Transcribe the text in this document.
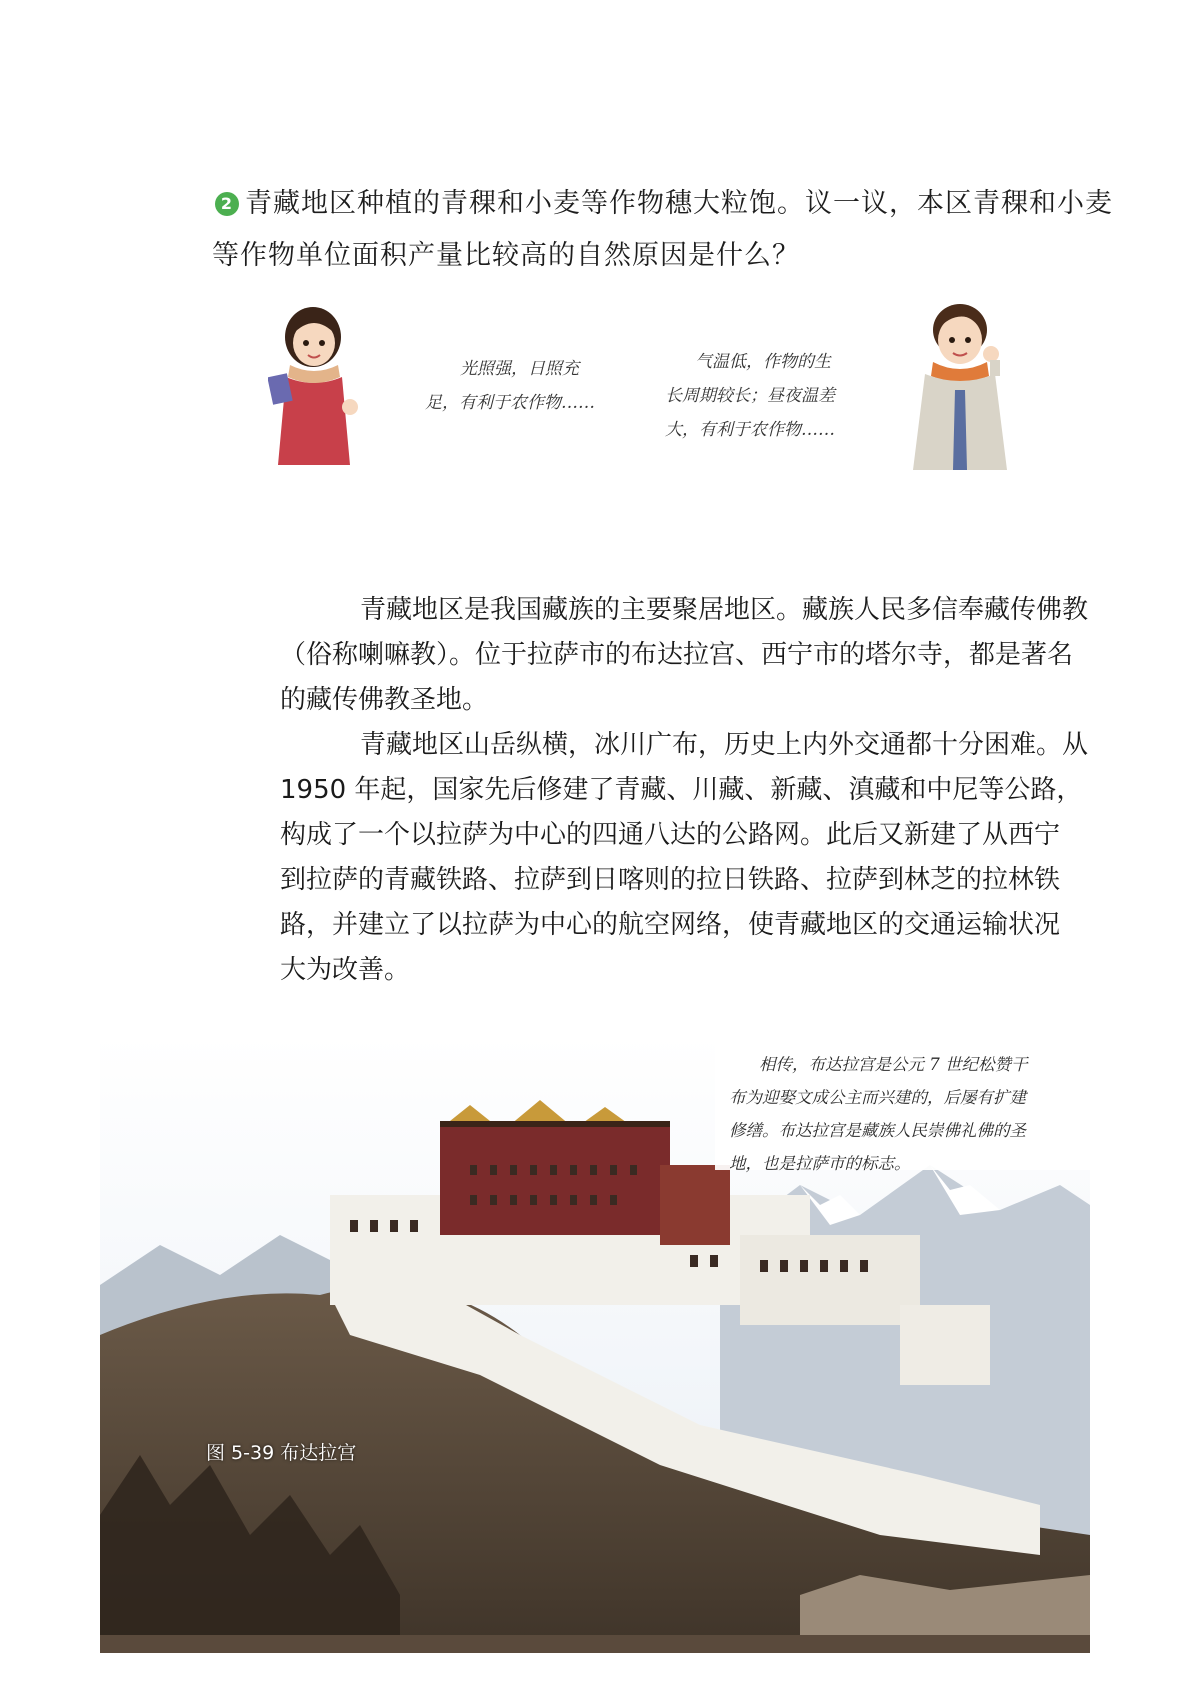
2 青藏地区种植的青稞和小麦等作物穗大粒饱。议一议，本区青稞和小麦
等作物单位面积产量比较高的自然原因是什么？
光照强，日照充
足，有利于农作物……
气温低，作物的生
长周期较长；昼夜温差
大，有利于农作物……

青藏地区是我国藏族的主要聚居地区。藏族人民多信奉藏传佛教
（俗称喇嘛教）。位于拉萨市的布达拉宫、西宁市的塔尔寺，都是著名
的藏传佛教圣地。

青藏地区山岳纵横，冰川广布，历史上内外交通都十分困难。从
1950 年起，国家先后修建了青藏、川藏、新藏、滇藏和中尼等公路，
构成了一个以拉萨为中心的四通八达的公路网。此后又新建了从西宁
到拉萨的青藏铁路、拉萨到日喀则的拉日铁路、拉萨到林芝的拉林铁
路，并建立了以拉萨为中心的航空网络，使青藏地区的交通运输状况
大为改善。

相传，布达拉宫是公元 7 世纪松赞干
布为迎娶文成公主而兴建的，后屡有扩建
修缮。布达拉宫是藏族人民崇佛礼佛的圣
地，也是拉萨市的标志。
图 5-39 布达拉宫
